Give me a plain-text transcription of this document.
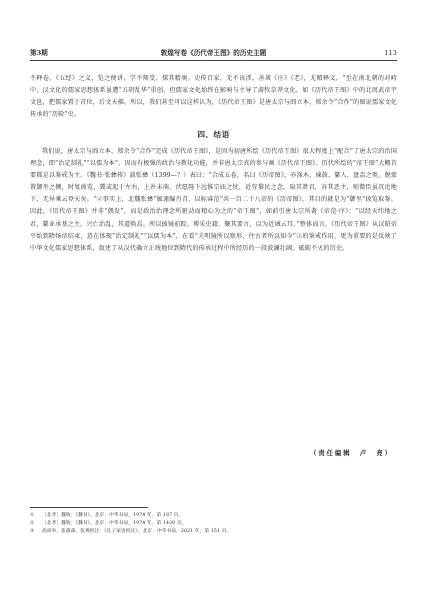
第3期	敦煌写卷《历代帝王图》的历史主题	113

不释卷。《五经》之义，览之便讲，学不师受，探其精奥。史传百家，无不该涉。善谈《庄》《老》，尤精释义。“至在南北朝的对峙中，汉文化的儒家思想体系虽遭“五胡乱华”重创，但儒家文化始终在影响与主导了游牧草莽文化，如《历代帝王图》中的北周武帝宇文邕，把儒家置于首位，后文天佛。所以，我们甚至可以这样认为，《历代帝王图》是唐太宗与阎立本、郑余令“合作”的图说儒家文化传承的“历险”史。

四、结语

我们说，唐太宗与阎立本、郑余令“合作”完成《历代帝王图》，是因为初唐所绘《历代帝王图》很大程度上“配合”了唐太宗的治国理念，即“治定制礼”“以儒为本”，因而有极强的政治与教化功能，并非唐太宗真的参与画《历代帝王图》。历代所绘的“帝王图”大概首要都是以鉴戒为主。《魏书·张彝传》载张彝（1399—？）表曰：“合成五卷，名曰《历帝图》，亦涤木、谏鼓、纂人、盘盂之类。脱蒙置御坐之侧，时复披览，冀或起于左右，上补未萌。伏愿陛下远惟宗庙之忧，近存黎民之念，取其贤君，弃其恶主，则微臣虽沉沦地下，无异乘云登天矣。“②事实上，北魏张彝“辄谨编丹青，以标睿范”共一百二十八帝的《历帝图》，其目的就是为“御坐”披览取鉴。因此，《历代帝王图》并非“偶发”，而是政治治理念所驱动而精心为之的“帝王图”，如前引唐太宗所著《帝范·序》：“以经天纬地之君，纂业承基之主，兴亡治乱，其道焕焉。所以披镜前踪，博采史籍，聚其要言，以为近诫云耳。”整体而言，《历代帝王图》从汉昭帝平始到隋炀帝结束，意在体现“治定制礼”“以儒为本”，在看“夫明镜所以察形，往古者所以知今”③的鉴戒作用，更为重要的是反映了中华文化儒家思想体系，叙述了从汉代确立正统地位到隋代的传承过程中所经历的一段波澜壮阔、砥砺不灭的历史。

（责任编辑　卢　亮）
① ［北齐］魏收：《魏书》，北京：中华书局，1974 年，第 187 页。
② ［北齐］魏收：《魏书》，北京：中华书局，1974 年，第 1430 页。
③ 高尚举、张蒲森、张燕校注：《孔子家语校注》，北京：中华书局，2021 年，第 151 页。
